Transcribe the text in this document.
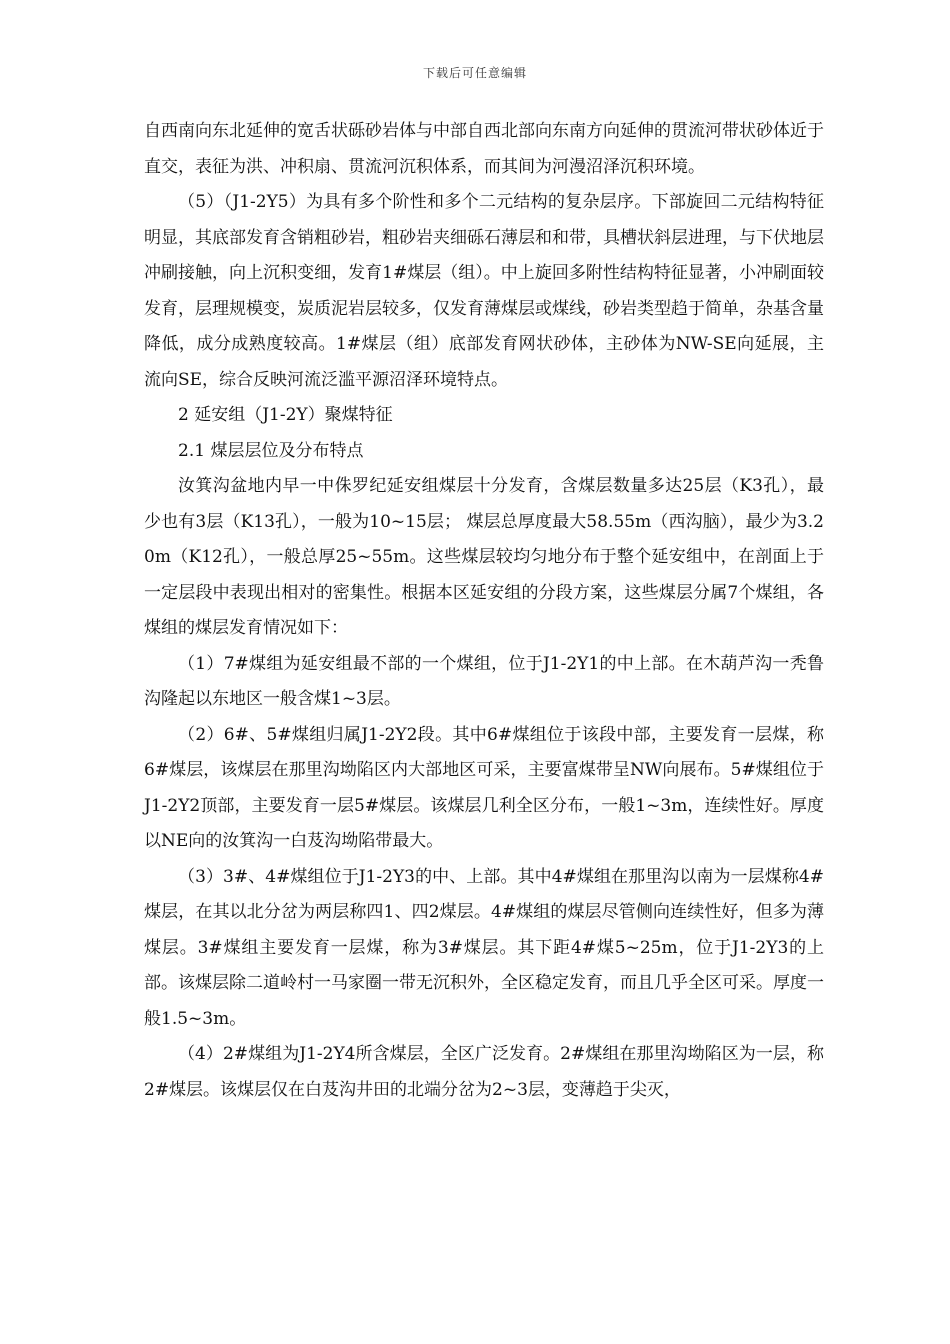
下载后可任意编辑

自西南向东北延伸的宽舌状砾砂岩体与中部自西北部向东南方向延伸的贯流河带状砂体近于直交，表征为洪、冲积扇、贯流河沉积体系，而其间为河漫沼泽沉积环境。

（5）（J1-2Y5）为具有多个阶性和多个二元结构的复杂层序。下部旋回二元结构特征明显，其底部发育含销粗砂岩，粗砂岩夹细砾石薄层和和带，具槽状斜层进理，与下伏地层冲刷接触，向上沉积变细，发育1#煤层（组）。中上旋回多附性结构特征显著，小冲刷面较发育，层理规模变，炭质泥岩层较多，仅发育薄煤层或煤线，砂岩类型趋于简单，杂基含量降低，成分成熟度较高。1#煤层（组）底部发育网状砂体，主砂体为NW-SE向延展，主流向SE，综合反映河流泛滥平源沼泽环境特点。

2 延安组（J1-2Y）聚煤特征

2.1 煤层层位及分布特点

汝箕沟盆地内早一中侏罗纪延安组煤层十分发育，含煤层数量多达25层（K3孔），最少也有3层（K13孔），一般为10~15层； 煤层总厚度最大58.55m（西沟脑），最少为3.20m（K12孔），一般总厚25~55m。这些煤层较均匀地分布于整个延安组中，在剖面上于一定层段中表现出相对的密集性。根据本区延安组的分段方案，这些煤层分属7个煤组，各煤组的煤层发育情况如下：

（1）7#煤组为延安组最不部的一个煤组，位于J1-2Y1的中上部。在木葫芦沟一秃鲁沟隆起以东地区一般含煤1~3层。

（2）6#、5#煤组归属J1-2Y2段。其中6#煤组位于该段中部，主要发育一层煤，称6#煤层，该煤层在那里沟坳陷区内大部地区可采，主要富煤带呈NW向展布。5#煤组位于J1-2Y2顶部，主要发育一层5#煤层。该煤层几利全区分布，一般1~3m，连续性好。厚度以NE向的汝箕沟一白芨沟坳陷带最大。

（3）3#、4#煤组位于J1-2Y3的中、上部。其中4#煤组在那里沟以南为一层煤称4#煤层，在其以北分岔为两层称四1、四2煤层。4#煤组的煤层尽管侧向连续性好，但多为薄煤层。3#煤组主要发育一层煤，称为3#煤层。其下距4#煤5~25m，位于J1-2Y3的上部。该煤层除二道岭村一马家圈一带无沉积外，全区稳定发育，而且几乎全区可采。厚度一般1.5~3m。

（4）2#煤组为J1-2Y4所含煤层，全区广泛发育。2#煤组在那里沟坳陷区为一层，称2#煤层。该煤层仅在白芨沟井田的北端分岔为2~3层，变薄趋于尖灭，
